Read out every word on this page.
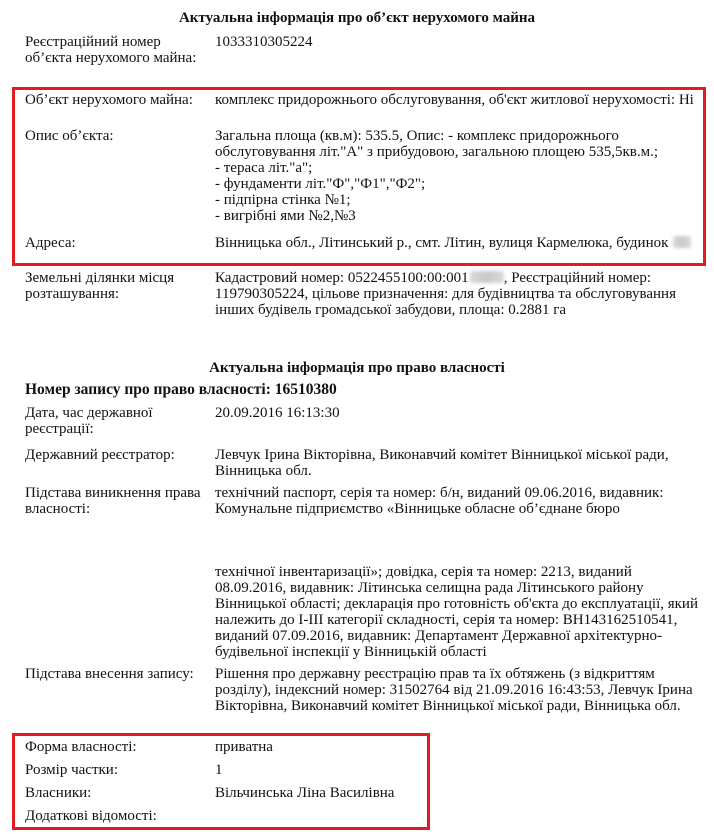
Актуальна інформація про об’єкт нерухомого майна
Реєстраційний номер об’єкта нерухомого майна:
1033310305224
Об’єкт нерухомого майна:	комплекс придорожнього обслуговування, об'єкт житлової нерухомості: Ні
Опис об’єкта:	Загальна площа (кв.м): 535.5, Опис: - комплекс придорожнього обслуговування літ."А" з прибудовою, загальною площею 535,5кв.м.;
- тераса літ."а";
- фундаменти літ."Ф","Ф1","Ф2";
- підпірна стінка №1;
- вигрібні ями №2,№3
Адреса:	Вінницька обл., Літинський р., смт. Літин, вулиця Кармелюка, будинок
Земельні ділянки місця розташування:
Кадастровий номер: 0522455100:00:001 , Реєстраційний номер: 119790305224, цільове призначення: для будівництва та обслуговування інших будівель громадської забудови, площа: 0.2881 га
Актуальна інформація про право власності
Номер запису про право власності: 16510380
Дата, час державної реєстрації:
20.09.2016 16:13:30
Державний реєстратор:	Левчук Ірина Вікторівна, Виконавчий комітет Вінницької міської ради, Вінницька обл.
Підстава виникнення права власності:
технічний паспорт, серія та номер: б/н, виданий 09.06.2016, видавник: Комунальне підприємство «Вінницьке обласне об’єднане бюро
технічної інвентаризації»; довідка, серія та номер: 2213, виданий 08.09.2016, видавник: Літинська селищна рада Літинського району Вінницької області; декларація про готовність об'єкта до експлуатації, який належить до І-ІІІ категорії складності, серія та номер: ВН143162510541, виданий 07.09.2016, видавник: Департамент Державної архітектурно-будівельної інспекції у Вінницькій області
Підстава внесення запису:	Рішення про державну реєстрацію прав та їх обтяжень (з відкриттям розділу), індексний номер: 31502764 від 21.09.2016 16:43:53, Левчук Ірина Вікторівна, Виконавчий комітет Вінницької міської ради, Вінницька обл.
Форма власності:	приватна
Розмір частки:	1
Власники:	Вільчинська Ліна Василівна
Додаткові відомості:
